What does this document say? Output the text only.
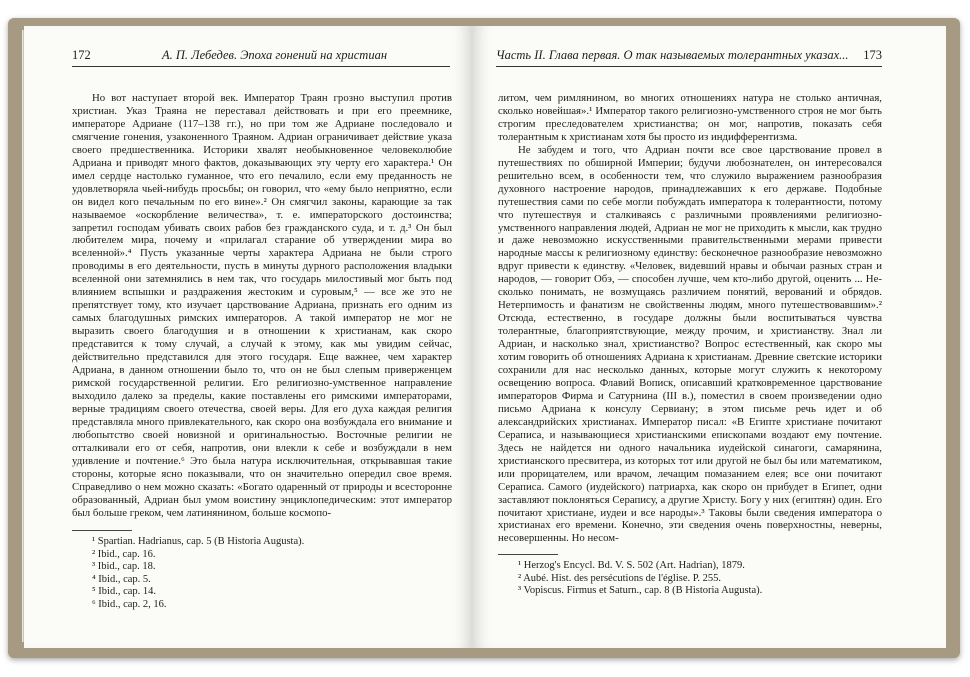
172	А. П. Лебедев. Эпоха гонений на христиан	Часть II. Глава первая. О так называемых толерантных указах... 173

Но вот наступает второй век. Император Траян грозно выступил против христиан. Указ Траяна не переставал действовать и при его преемнике, императоре Адриане (117–138 гг.), но при том же Адриане последовало и смягчение гонения, узаконенного Траяном. Адриан ограничивает действие указа своего предшественника. Историки хвалят необыкновенное человеколюбие Адриана и приводят много фактов, доказывающих эту черту его характера.¹ Он имел сердце настолько гуманное, что его печалило, если ему преданность не удовлетворяла чьей-нибудь просьбы; он говорил, что «ему было неприятно, если он видел кого печальным по его вине».² Он смягчил законы, карающие за так называемое «оскорбление величества», т. е. императорского достоинства; запретил господам убивать своих рабов без гражданского суда, и т. д.³ Он был любителем мира, почему и «прилагал старание об утверждении мира во вселенной».⁴ Пусть указанные черты характера Адриана не были строго проводимы в его деятельности, пусть в минуты дурного расположения владыки вселенной они затемнялись в нем так, что государь милостивый мог быть под влиянием вспышки и раздражения жестоким и суровым,⁵ — все же это не препятствует тому, кто изучает царствование Адриана, признать его одним из самых благодушных римских императоров. А такой император не мог не выразить своего благодушия и в отношении к христианам, как скоро представится к тому случай, а случай к этому, как мы увидим сейчас, действительно представился для этого государя. Еще важнее, чем характер Адриана, в данном отношении было то, что он не был слепым приверженцем римской государственной религии. Его религиозно-умственное направление выходило далеко за пределы, какие поставлены его римскими императорами, верные традициям своего отечества, своей веры. Для его духа каждая религия представляла много привлекательного, как скоро она возбуждала его внимание и любопытство своей новизной и оригинальностью. Восточные религии не отталкивали его от себя, напротив, они влекли к себе и возбуждали в нем удивление и почтение.⁶ Это была натура исключительная, открывавшая такие стороны, которые ясно показывали, что он значительно опередил свое время. Справедливо о нем можно сказать: «Богато одаренный от природы и всесторонне образованный, Адриан был умом воистину энциклопедическим: этот император был больше греком, чем латинянином, больше космопо-

¹ Spartian. Hadrianus, cap. 5 (В Historia Augusta).
² Ibid., cap. 16.
³ Ibid., cap. 18.
⁴ Ibid., cap. 5.
⁵ Ibid., cap. 14.
⁶ Ibid., cap. 2, 16.

литом, чем римлянином, во многих отношениях натура не столько античная, сколько новейшая».¹ Император такого религиозно-умственного строя не мог быть строгим преследователем христианства; он мог, напротив, показать себя толерантным к христианам хотя бы просто из индифферентизма.

Не забудем и того, что Адриан почти все свое царствование провел в путешествиях по обширной Империи; будучи любознателен, он интересовался решительно всем, в особенности тем, что служило выражением разнообразия духовного настроение народов, принадлежавших к его державе. Подобные путешествия сами по себе могли побуждать императора к толерантности, потому что путешествуя и сталкиваясь с различными проявлениями религиозно-умственного направления людей, Адриан не мог не приходить к мысли, как трудно и даже невозможно искусственными правительственными мерами привести народные массы к религиозному единству: бесконечное разнообразие невозможно вдруг привести к единству. «Человек, видевший нравы и обычаи разных стран и народов, — говорит Обэ, — способен лучше, чем кто-либо другой, оценить ... Не-сколько понимать, не возмущаясь различием понятий, верований и обрядов. Нетерпимость и фанатизм не свойственны людям, много путешествовавшим».² Отсюда, естественно, в государе должны были воспитываться чувства толерантные, благоприятствующие, между прочим, и христианству. Знал ли Адриан, и насколько знал, христианство? Вопрос естественный, как скоро мы хотим говорить об отношениях Адриана к христианам. Древние светские историки сохранили для нас несколько данных, которые могут служить к некоторому освещению вопроса. Флавий Вописк, описавший кратковременное царствование императоров Фирма и Сатурнина (III в.), поместил в своем произведении одно письмо Адриана к консулу Сервиану; в этом письме речь идет и об александрийских христианах. Император писал: «В Египте христиане почитают Сераписа, и называющиеся христианскими епископами воздают ему почтение. Здесь не найдется ни одного начальника иудейской синагоги, самарянина, христианского пресвитера, из которых тот или другой не был бы или математиком, или прорицателем, или врачом, лечащим помазанием елея; все они почитают Сераписа. Самого (иудейского) патриарха, как скоро он прибудет в Египет, одни заставляют поклоняться Серапису, а другие Христу. Богу у них (египтян) один. Его почитают христиане, иудеи и все народы».³ Таковы были сведения императора о христианах его времени. Конечно, эти сведения очень поверхностны, неверны, несовершенны. Но несом-

¹ Herzog's Encycl. Bd. V. S. 502 (Art. Hadrian), 1879.
² Aubé. Hist. des persécutions de l'église. P. 255.
³ Vopiscus. Firmus et Saturn., cap. 8 (В Historia Augusta).
